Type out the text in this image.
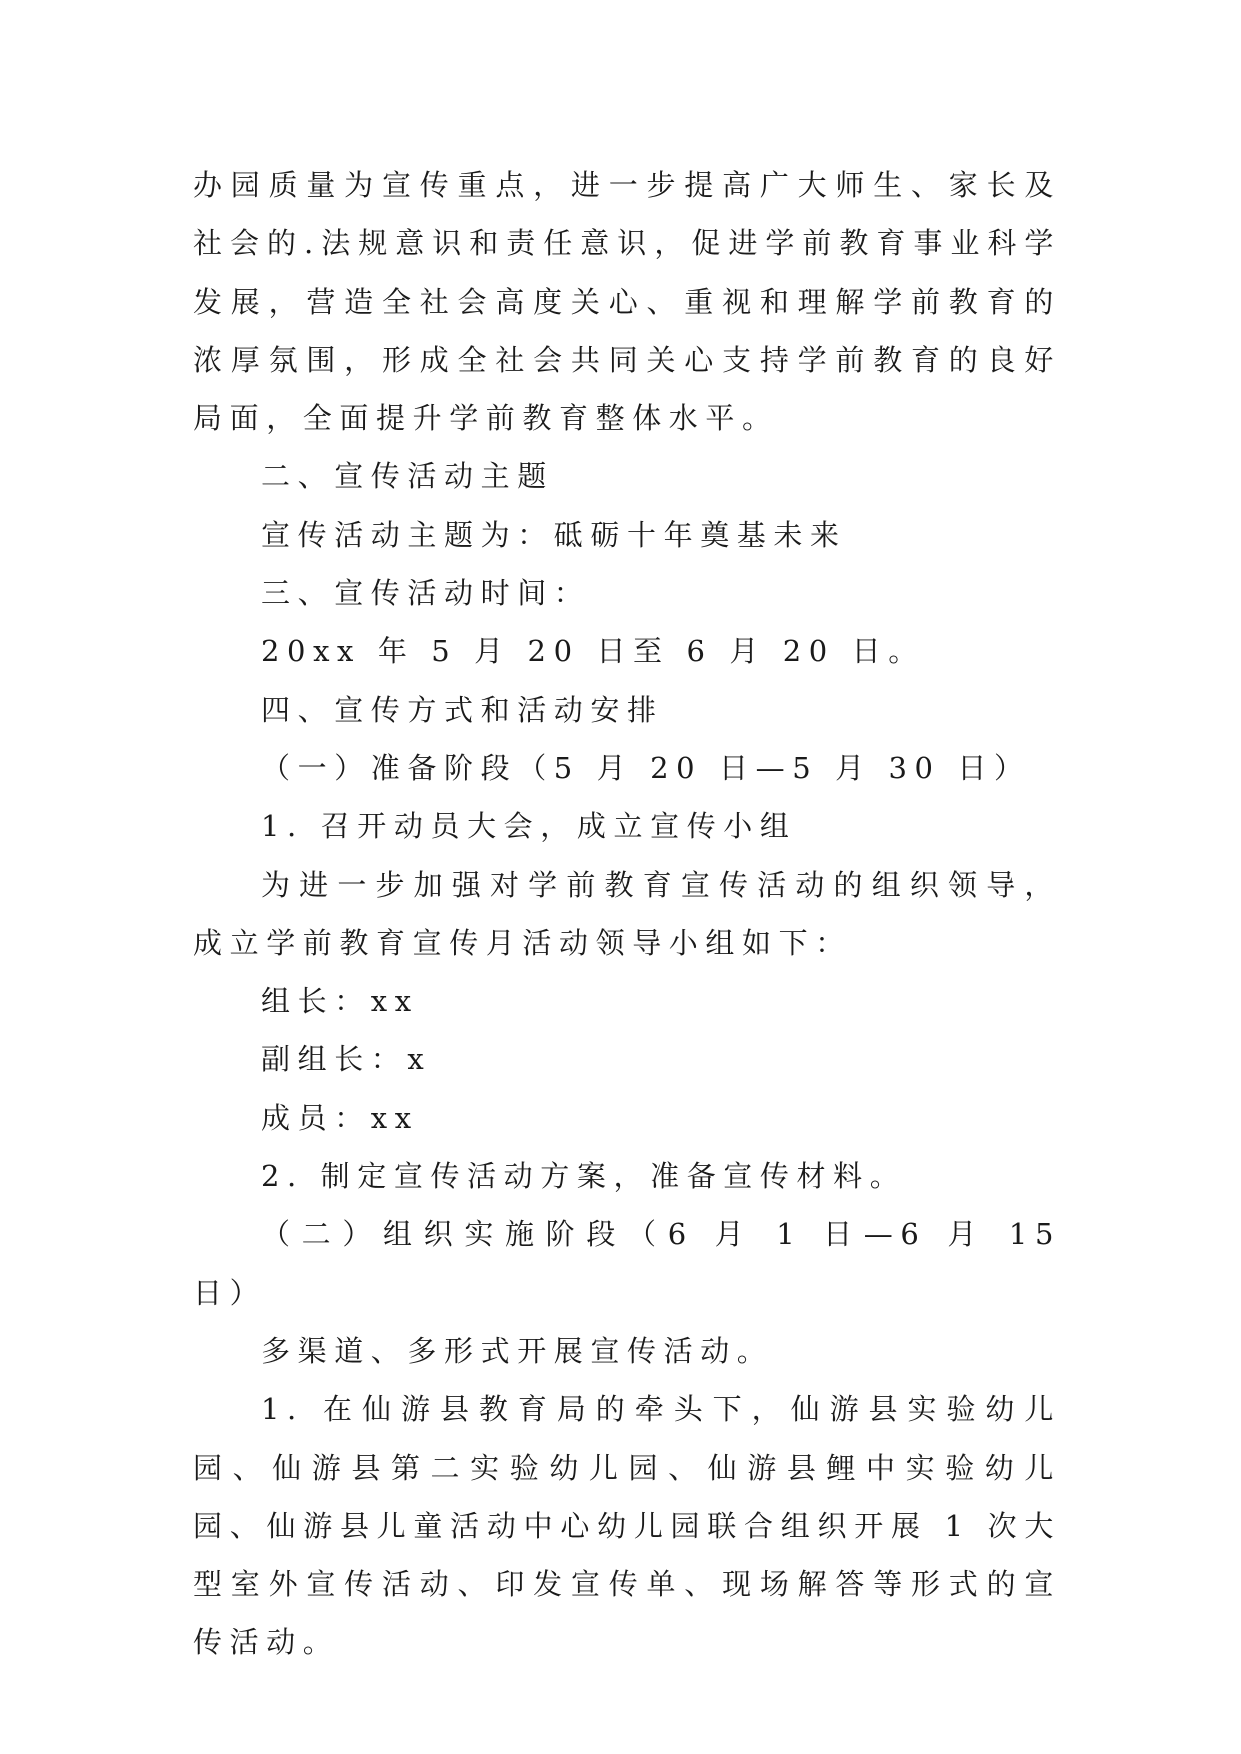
办园质量为宣传重点，进一步提高广大师生、家长及社会的.法规意识和责任意识，促进学前教育事业科学发展，营造全社会高度关心、重视和理解学前教育的浓厚氛围，形成全社会共同关心支持学前教育的良好局面，全面提升学前教育整体水平。

二、宣传活动主题

宣传活动主题为：砥砺十年奠基未来

三、宣传活动时间：

20xx 年 5 月 20 日至 6 月 20 日。

四、宣传方式和活动安排

（一）准备阶段（5 月 20 日—5 月 30 日）

1. 召开动员大会，成立宣传小组

为进一步加强对学前教育宣传活动的组织领导，成立学前教育宣传月活动领导小组如下：

组长：xx

副组长：x

成员：xx

2. 制定宣传活动方案，准备宣传材料。

（二）组织实施阶段（6 月 1 日—6 月 15 日）

多渠道、多形式开展宣传活动。

1. 在仙游县教育局的牵头下，仙游县实验幼儿园、仙游县第二实验幼儿园、仙游县鲤中实验幼儿园、仙游县儿童活动中心幼儿园联合组织开展 1 次大型室外宣传活动、印发宣传单、现场解答等形式的宣传活动。
